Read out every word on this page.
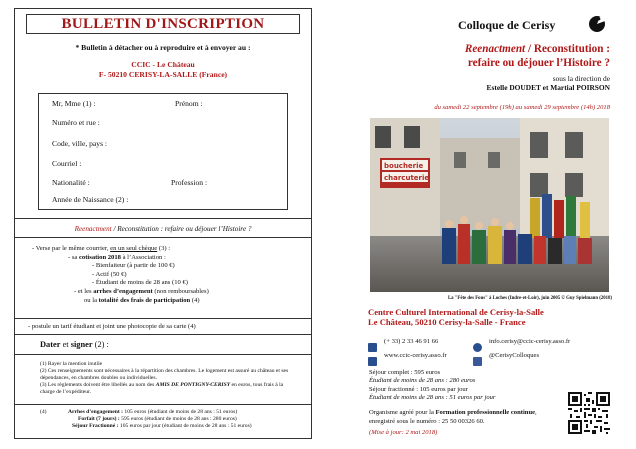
BULLETIN D'INSCRIPTION
* Bulletin à détacher ou à reproduire et à envoyer au :
CCIC - Le Château
F- 50210 CERISY-LA-SALLE (France)
Mr, Mme (1) :	Prénom :
Numéro et rue :
Code, ville, pays :
Courriel :
Nationalité :	Profession :
Année de Naissance (2) :
Reenactment / Reconstitution : refaire ou déjouer l’Histoire ?
- Verse par le même courrier, en un seul chèque (3) :
- sa cotisation 2018 à l’Association :
- Bienfaiteur (à partir de 100 €)
- Actif (50 €)
- Étudiant de moins de 28 ans (10 €)
- et les arrhes d’engagement (non remboursables)
ou la totalité des frais de participation (4)
- postule un tarif étudiant et joint une photocopie de sa carte (4)
Dater et signer (2) :
(1) Rayer la mention inutile
(2) Ces renseignements sont nécessaires à la répartition des chambres. Le logement est assuré au château et ses dépendances, en chambres doubles ou individuelles.
(3) Les règlements doivent être libellés au nom des AMIS DE PONTIGNY-CERISY en euros, tous frais à la charge de l’expéditeur.
(4)	Arrhes d’engagement : 105 euros (étudiant de moins de 28 ans : 51 euros)
Forfait (7 jours) : 595 euros (étudiant de moins de 28 ans : 280 euros)
Séjour Fractionné : 105 euros par jour (étudiant de moins de 28 ans : 51 euros)
Colloque de Cerisy
Reenactment / Reconstitution :
refaire ou déjouer l’Histoire ?
sous la direction de
Estelle DOUDET et Martial POIRSON
du samedi 22 septembre (19h) au samedi 29 septembre (14h) 2018
boucherie
charcuterie
La "Fête des Fous" à Loches (Indre-et-Loir), juin 2005 © Guy Spielmann (2018)
Centre Culturel International de Cerisy-la-Salle
Le Château, 50210 Cerisy-la-Salle - France
(+ 33) 2 33 46 91 66	info.cerisy@ccic-cerisy.asso.fr
www.ccic-cerisy.asso.fr	@CerisyColloques
Séjour complet : 595 euros
Étudiant de moins de 28 ans : 280 euros
Séjour fractionné : 105 euros par jour
Étudiant de moins de 28 ans : 51 euros par jour
Organisme agréé pour la Formation professionnelle continue, enregistré sous le numéro : 25 50 00326 60.
(Mise à jour: 2 mai 2018)
